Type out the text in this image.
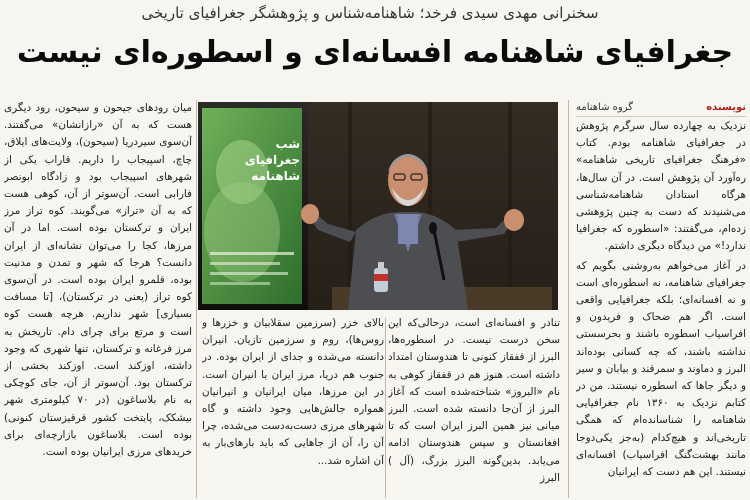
سخنرانی مهدی سیدی فرخد؛ شاهنامه‌شناس و پژوهشگر جغرافیای تاریخی
جغرافیای شاهنامه افسانه‌ای و اسطوره‌ای نیست
نویسنده
گروه شاهنامه

نزدیک به چهارده سال سرگرم پژوهش در جغرافیای شاهنامه بودم. کتاب «فرهنگ جغرافیای تاریخی شاهنامه» ره‌آورد آن پژوهش است. در آن سال‌ها، هرگاه استادان شاهنامه‌شناسی می‌شنیدند که دست به چنین پژوهشی زده‌ام، می‌گفتند: «اسطوره که جغرافیا ندارد!» من دیدگاه دیگری داشتم.

در آغاز می‌خواهم به‌روشنی بگویم که جغرافیای شاهنامه، نه اسطوره‌ای است و نه افسانه‌ای؛ بلکه جغرافیایی واقعی است. اگر هم ضحاک و فریدون و افراسیاب اسطوره باشند و بحرسستی نداشته باشند، که چه کسانی بوده‌اند البرز و دماوند و سمرقند و بیابان و سیر و دیگر جاها که اسطوره نیستند. من در کتابم نزدیک به ۱۳۶۰ نام جغرافیایی شاهنامه را شناسانده‌ام که همگی تاریخی‌اند و هیچ‌کدام (به‌جز یکی‌دوجا مانند بهشت‌گنگ افراسیاب) افسانه‌ای نیستند. این هم دست که ایرانیان

شب جغرافیای شاهنامه

تنادر و افسانه‌ای است، درحالی‌که این سخن درست نیست. در اسطوره‌ها، البرز از قفقاز کنونی تا هندوستان امتداد داشته است. هنوز هم در قفقاز کوهی به نام «البروز» شناخته‌شده است که آغاز البرز از آن‌جا دانسته شده است. البرز میانی نیز همین البرز ایران است که تا افغانستان و سپس هندوستان ادامه می‌یابد. بدین‌گونه البرز بزرگ، (آل‌ ) البرز

بالای خزر (سرزمین سقلابیان و خزرها و روس‌ها)، روم و سرزمین تازیان. انیران دانسته می‌شده و جدای از ایران بوده. در جنوب هم دریا، مرز ایران با انیران است. در این مرزها، میان ایرانیان و انیرانیان همواره جالش‌هایی وجود داشته و گاه شهرهای مرزی دست‌به‌دست می‌شده، چرا آن را، آن از جاهایی که باید بارهای‌بار به آن اشاره شد...

میان رودهای جیحون و سیحون، رود دیگری هست که به آن «رازانشان» می‌گفتند. آن‌سوی سیردریا (سیحون)، ولایت‌های ایلاق، چاچ، اسپیجاب را داریم. قاراب یکی از شهرهای اسپیجاب بود و زادگاه ابونصر فارابی است. آن‌سوتر از آن، کوهی هست که به آن «تراز» می‌گویند. کوه تراز مرز ایران و ترکستان بوده است. اما در آن مرزها، کجا را می‌توان نشانه‌ای از ایران دانست؟ هرجا که شهر و تمدن و مدنیت بوده، قلمرو ایران بوده است. در آن‌سوی کوه تراز (یعنی در ترکستان)، [تا مسافت بسیاری] شهر نداریم. هرچه هست کوه است و مرتع برای چرای دام. تاریخش به مرز فرغانه و ترکستان، تنها شهری که وجود داشته، اوزکند است. اوزکند بخشی از ترکستان بود. آن‌سوتر از آن، جای کوچکی به نام بلاساغون (در ۷۰ کیلومتری شهر بیشکک، پایتخت کشور قرقیزستان کنونی) بوده است. بلاساغون بازارچه‌ای برای خریدهای مرزی ایرانیان بوده است.
